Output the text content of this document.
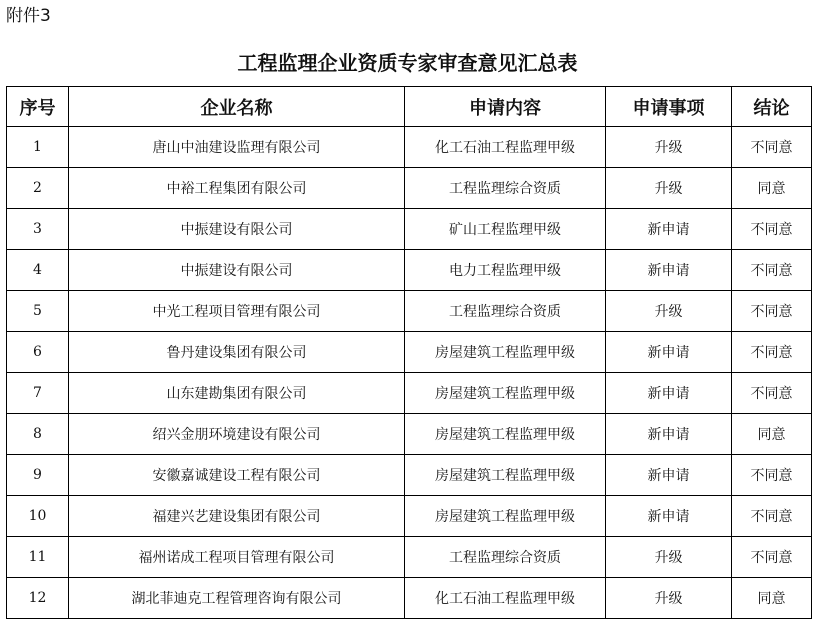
附件3
工程监理企业资质专家审查意见汇总表
序号	企业名称	申请内容	申请事项	结论
1	唐山中油建设监理有限公司	化工石油工程监理甲级	升级	不同意
2	中裕工程集团有限公司	工程监理综合资质	升级	同意
3	中振建设有限公司	矿山工程监理甲级	新申请	不同意
4	中振建设有限公司	电力工程监理甲级	新申请	不同意
5	中光工程项目管理有限公司	工程监理综合资质	升级	不同意
6	鲁丹建设集团有限公司	房屋建筑工程监理甲级	新申请	不同意
7	山东建勘集团有限公司	房屋建筑工程监理甲级	新申请	不同意
8	绍兴金朋环境建设有限公司	房屋建筑工程监理甲级	新申请	同意
9	安徽嘉诚建设工程有限公司	房屋建筑工程监理甲级	新申请	不同意
10	福建兴艺建设集团有限公司	房屋建筑工程监理甲级	新申请	不同意
11	福州诺成工程项目管理有限公司	工程监理综合资质	升级	不同意
12	湖北菲迪克工程管理咨询有限公司	化工石油工程监理甲级	升级	同意
